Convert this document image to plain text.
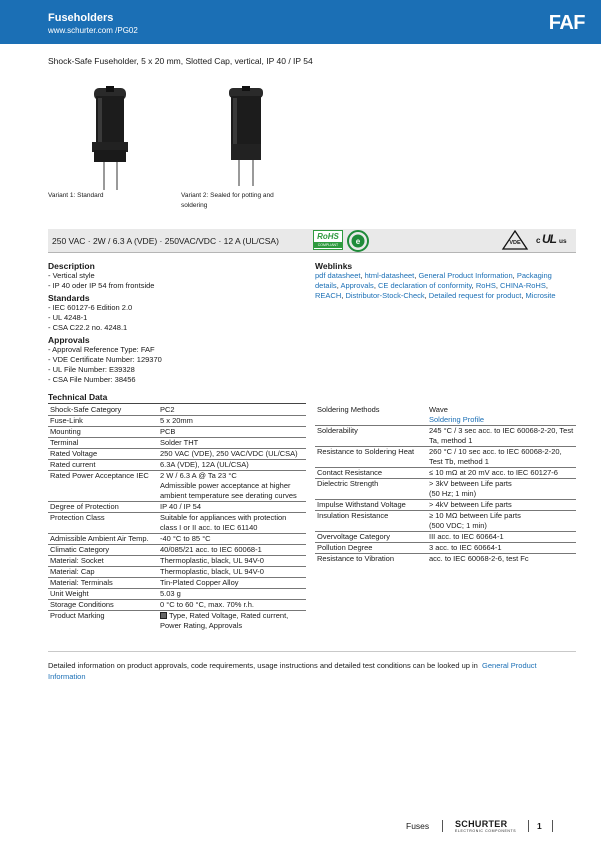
Fuseholders
www.schurter.com /PG02	FAF
Shock-Safe Fuseholder, 5 x 20 mm, Slotted Cap, vertical, IP 40 / IP 54
Variant 1: Standard	Variant 2: Sealed for potting and soldering
250 VAC · 2W / 6.3 A (VDE) · 250VAC/VDC · 12 A (UL/CSA)	RoHS
COMPLIANT	e	VDE	c UL us
Description
- Vertical style
- IP 40 oder IP 54 from frontside
Standards
- IEC 60127-6 Edition 2.0
- UL 4248-1
- CSA C22.2 no. 4248.1
Approvals
- Approval Reference Type: FAF
- VDE Certificate Number: 129370
- UL File Number: E39328
- CSA File Number: 38456
Weblinks
pdf datasheet, html-datasheet, General Product Information, Packaging details, Approvals, CE declaration of conformity, RoHS, CHINA-RoHS, REACH, Distributor-Stock-Check, Detailed request for product, Microsite
Technical Data
Shock-Safe Category	PC2
Fuse-Link	5 x 20mm
Mounting	PCB
Terminal	Solder THT
Rated Voltage	250 VAC (VDE), 250 VAC/VDC (UL/CSA)
Rated current	6.3A (VDE), 12A (UL/CSA)
Rated Power Acceptance IEC	2 W / 6.3 A @ Ta 23 °C
Admissible power acceptance at higher ambient temperature see derating curves

Degree of Protection	IP 40 / IP 54
Protection Class	Suitable for appliances with protection class I or II acc. to IEC 61140
Admissible Ambient Air Temp.	-40 °C to 85 °C
Climatic Category	40/085/21 acc. to IEC 60068-1
Material: Socket	Thermoplastic, black, UL 94V-0
Material: Cap	Thermoplastic, black, UL 94V-0
Material: Terminals	Tin-Plated Copper Alloy
Unit Weight	5.03 g
Storage Conditions	0 °C to 60 °C, max. 70% r.h.
Product Marking	Type, Rated Voltage, Rated current, Power Rating, Approvals
Soldering Methods	Wave
Soldering Profile

Solderability	245 °C / 3 sec acc. to IEC 60068-2-20, Test Ta, method 1
Resistance to Soldering Heat	260 °C / 10 sec acc. to IEC 60068-2-20, Test Tb, method 1
Contact Resistance	≤ 10 mΩ at 20 mV acc. to IEC 60127-6
Dielectric Strength	> 3kV between Life parts
(50 Hz; 1 min)

Impulse Withstand Voltage	> 4kV between Life parts
Insulation Resistance	≥ 10 MΩ between Life parts
(500 VDC; 1 min)

Overvoltage Category	III acc. to IEC 60664-1
Pollution Degree	3 acc. to IEC 60664-1
Resistance to Vibration	acc. to IEC 60068-2-6, test Fc
Detailed information on product approvals, code requirements, usage instructions and detailed test conditions can be looked up in General Product Information
Fuses	SCHURTER
ELECTRONIC COMPONENTS 1
